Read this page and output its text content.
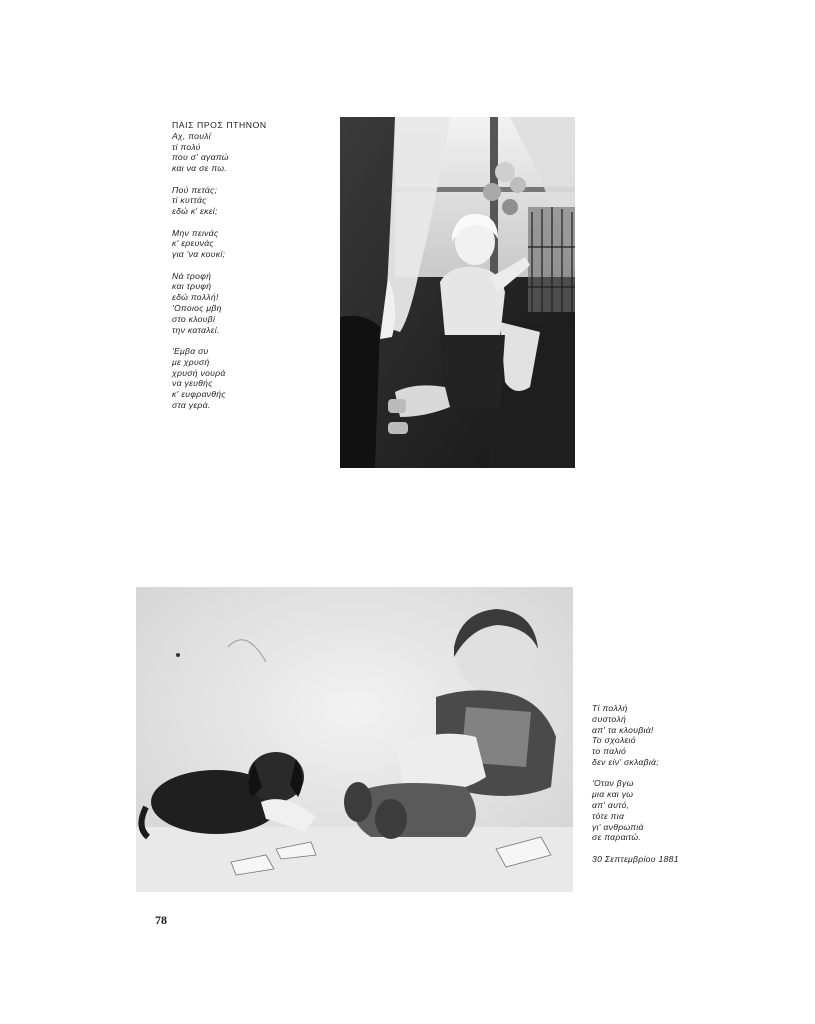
ΠΑΙΣ ΠΡΟΣ ΠΤΗΝΟΝ
Αχ, πουλί
τί πολύ
που σ' αγαπώ
και να σε πω.
Πού πετάς;
τί κυττάς
εδώ κ' εκεί;
Μην πεινάς
κ' ερευνάς
για 'να κουκί;
Νά τροφή
και τρυφή
εδώ πολλή!
'Οποιος μβη
στο κλουβί
την καταλεί.
'Εμβα συ
με χρυσή
χρυσή νουρά
να γευθής
κ' ευφρανθής
στα γερά.
Τί πολλή
συστολή
απ' τα κλουβιά!
Το σχολειό
το παλιό
δεν είν' σκλαβιά;
'Οταν βγω
μια και γω
απ' αυτό,
τότε πια
γι' ανθρωπιά
σε παραιτώ.
30 Σεπτεμβρίου 1881
78
